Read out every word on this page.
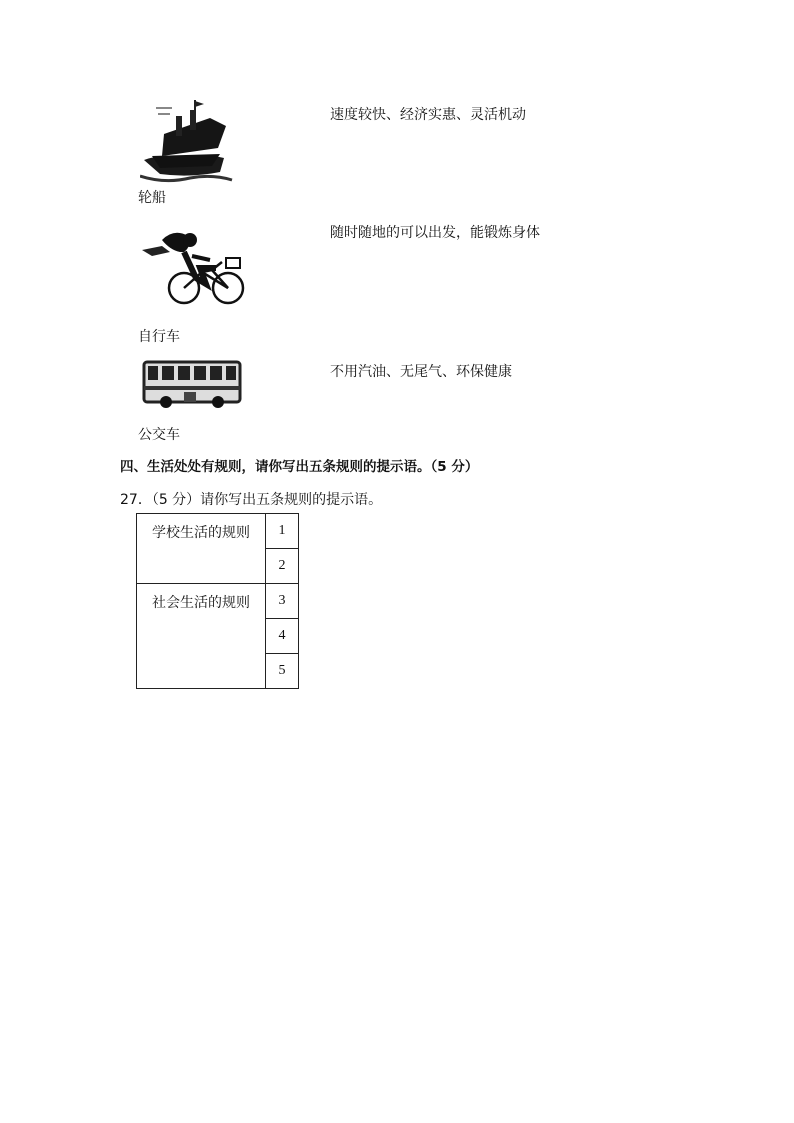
轮船
速度较快、经济实惠、灵活机动
自行车
随时随地的可以出发，能锻炼身体
公交车
不用汽油、无尾气、环保健康
四、生活处处有规则，请你写出五条规则的提示语。（5 分）
27．（5 分）请你写出五条规则的提示语。
学校生活的规则	1
	2
社会生活的规则	3
	4
	5
